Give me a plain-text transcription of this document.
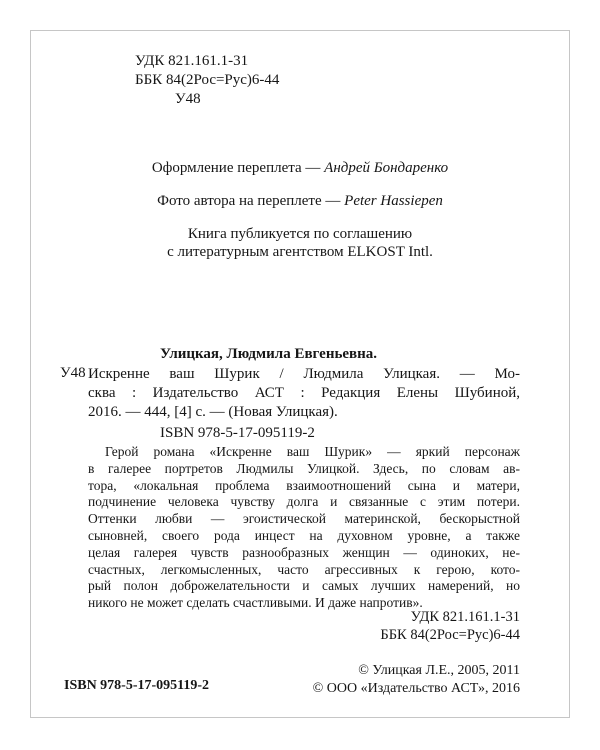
УДК 821.161.1-31
ББК 84(2Рос=Рус)6-44
У48
Оформление переплета — Андрей Бондаренко
Фото автора на переплете — Peter Hassiepen
Книга публикуется по соглашению
с литературным агентством ELKOST Intl.
Улицкая, Людмила Евгеньевна.
У48 Искренне ваш Шурик / Людмила Улицкая. — Мо-
сква : Издательство АСТ : Редакция Елены Шубиной,
2016. — 444, [4] с. — (Новая Улицкая).
ISBN 978-5-17-095119-2
Герой романа «Искренне ваш Шурик» — яркий персонаж
в галерее портретов Людмилы Улицкой. Здесь, по словам ав-
тора, «локальная проблема взаимоотношений сына и матери,
подчинение человека чувству долга и связанные с этим потери.
Оттенки любви — эгоистической материнской, бескорыстной
сыновней, своего рода инцест на духовном уровне, а также
целая галерея чувств разнообразных женщин — одиноких, не-
счастных, легкомысленных, часто агрессивных к герою, кото-
рый полон доброжелательности и самых лучших намерений, но
никого не может сделать счастливыми. И даже напротив».
УДК 821.161.1-31
ББК 84(2Рос=Рус)6-44
ISBN 978-5-17-095119-2
© Улицкая Л.Е., 2005, 2011
© ООО «Издательство АСТ», 2016
